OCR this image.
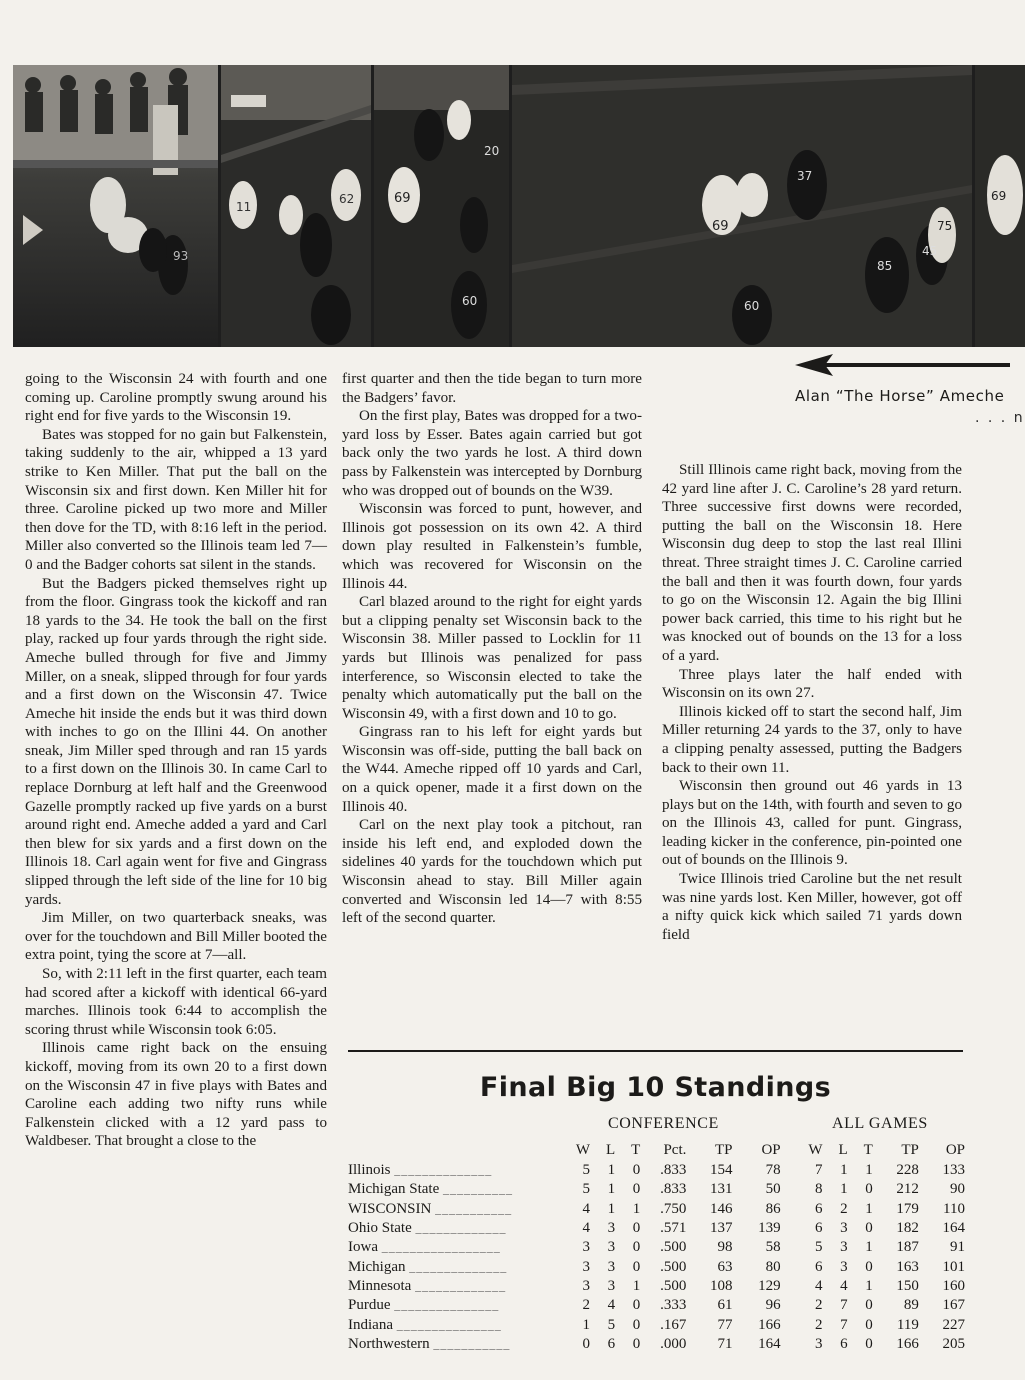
93
11
62	69
20
60
69
37
85
45
75
60
69
Alan “The Horse” Ameche
. . . n

going to the Wisconsin 24 with fourth and one coming up. Caroline promptly swung around his right end for five yards to the Wisconsin 19.

Bates was stopped for no gain but Falkenstein, taking suddenly to the air, whipped a 13 yard strike to Ken Miller. That put the ball on the Wisconsin six and first down. Ken Miller hit for three. Caroline picked up two more and Miller then dove for the TD, with 8:16 left in the period. Miller also converted so the Illinois team led 7—0 and the Badger cohorts sat silent in the stands.

But the Badgers picked themselves right up from the floor. Gingrass took the kickoff and ran 18 yards to the 34. He took the ball on the first play, racked up four yards through the right side. Ameche bulled through for five and Jimmy Miller, on a sneak, slipped through for four yards and a first down on the Wisconsin 47. Twice Ameche hit inside the ends but it was third down with inches to go on the Illini 44. On another sneak, Jim Miller sped through and ran 15 yards to a first down on the Illinois 30. In came Carl to replace Dornburg at left half and the Greenwood Gazelle promptly racked up five yards on a burst around right end. Ameche added a yard and Carl then blew for six yards and a first down on the Illinois 18. Carl again went for five and Gingrass slipped through the left side of the line for 10 big yards.

Jim Miller, on two quarterback sneaks, was over for the touchdown and Bill Miller booted the extra point, tying the score at 7—all.

So, with 2:11 left in the first quarter, each team had scored after a kickoff with identical 66-yard marches. Illinois took 6:44 to accomplish the scoring thrust while Wisconsin took 6:05.

Illinois came right back on the ensuing kickoff, moving from its own 20 to a first down on the Wisconsin 47 in five plays with Bates and Caroline each adding two nifty runs while Falkenstein clicked with a 12 yard pass to Waldbeser. That brought a close to the

first quarter and then the tide began to turn more the Badgers’ favor.

On the first play, Bates was dropped for a two-yard loss by Esser. Bates again carried but got back only the two yards he lost. A third down pass by Falkenstein was intercepted by Dornburg who was dropped out of bounds on the W39.

Wisconsin was forced to punt, however, and Illinois got possession on its own 42. A third down play resulted in Falkenstein’s fumble, which was recovered for Wisconsin on the Illinois 44.

Carl blazed around to the right for eight yards but a clipping penalty set Wisconsin back to the Wisconsin 38. Miller passed to Locklin for 11 yards but Illinois was penalized for pass interference, so Wisconsin elected to take the penalty which automatically put the ball on the Wisconsin 49, with a first down and 10 to go.

Gingrass ran to his left for eight yards but Wisconsin was off-side, putting the ball back on the W44. Ameche ripped off 10 yards and Carl, on a quick opener, made it a first down on the Illinois 40.

Carl on the next play took a pitchout, ran inside his left end, and exploded down the sidelines 40 yards for the touchdown which put Wisconsin ahead to stay. Bill Miller again converted and Wisconsin led 14—7 with 8:55 left of the second quarter.

Still Illinois came right back, moving from the 42 yard line after J. C. Caroline’s 28 yard return. Three successive first downs were recorded, putting the ball on the Wisconsin 18. Here Wisconsin dug deep to stop the last real Illini threat. Three straight times J. C. Caroline carried the ball and then it was fourth down, four yards to go on the Wisconsin 12. Again the big Illini power back carried, this time to his right but he was knocked out of bounds on the 13 for a loss of a yard.

Three plays later the half ended with Wisconsin on its own 27.

Illinois kicked off to start the second half, Jim Miller returning 24 yards to the 37, only to have a clipping penalty assessed, putting the Badgers back to their own 11.

Wisconsin then ground out 46 yards in 13 plays but on the 14th, with fourth and seven to go on the Illinois 43, called for punt. Gingrass, leading kicker in the conference, pin-pointed one out of bounds on the Illinois 9.

Twice Illinois tried Caroline but the net result was nine yards lost. Ken Miller, however, got off a nifty quick kick which sailed 71 yards down field

Final Big 10 Standings
CONFERENCE	ALL GAMES
	W	L	T	Pct.	TP	OP	W	L	T	TP	OP
Illinois ______________	5	1	0	.833	154	78	7	1	1	228	133
Michigan State __________	5	1	0	.833	131	50	8	1	0	212	90
WISCONSIN ___________	4	1	1	.750	146	86	6	2	1	179	110
Ohio State _____________	4	3	0	.571	137	139	6	3	0	182	164
Iowa _________________	3	3	0	.500	98	58	5	3	1	187	91
Michigan ______________	3	3	0	.500	63	80	6	3	0	163	101
Minnesota _____________	3	3	1	.500	108	129	4	4	1	150	160
Purdue _______________	2	4	0	.333	61	96	2	7	0	89	167
Indiana _______________	1	5	0	.167	77	166	2	7	0	119	227
Northwestern ___________	0	6	0	.000	71	164	3	6	0	166	205
